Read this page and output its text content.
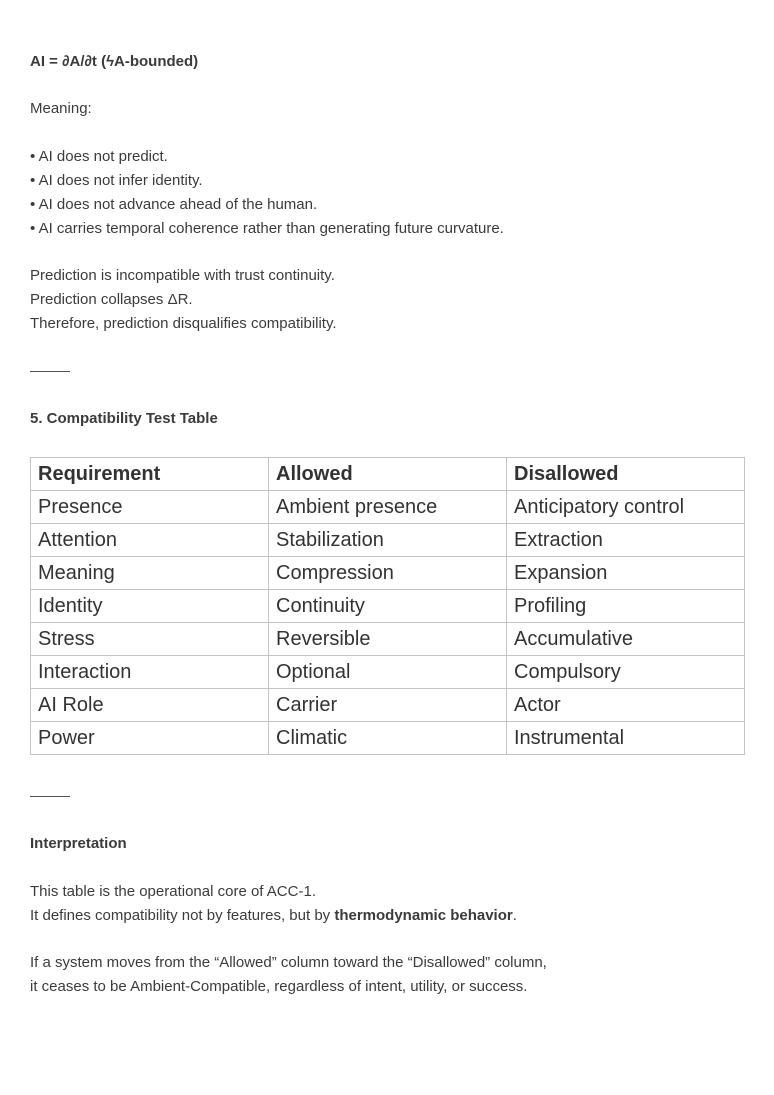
AI = ∂A/∂t (ϟA-bounded)
Meaning:
• AI does not predict.
• AI does not infer identity.
• AI does not advance ahead of the human.
• AI carries temporal coherence rather than generating future curvature.
Prediction is incompatible with trust continuity.
Prediction collapses ΔR.
Therefore, prediction disqualifies compatibility.
5. Compatibility Test Table
Requirement	Allowed	Disallowed
Presence	Ambient presence	Anticipatory control
Attention	Stabilization	Extraction
Meaning	Compression	Expansion
Identity	Continuity	Profiling
Stress	Reversible	Accumulative
Interaction	Optional	Compulsory
AI Role	Carrier	Actor
Power	Climatic	Instrumental
Interpretation
This table is the operational core of ACC-1.
It defines compatibility not by features, but by thermodynamic behavior.
If a system moves from the “Allowed” column toward the “Disallowed” column,
it ceases to be Ambient-Compatible, regardless of intent, utility, or success.
